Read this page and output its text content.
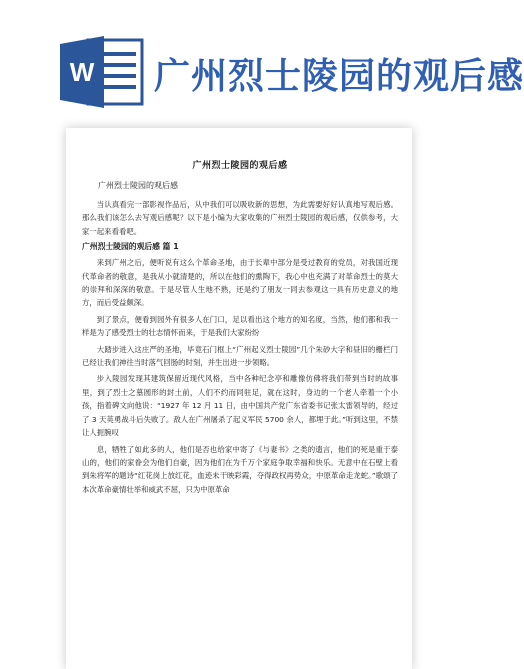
W 广州烈士陵园的观后感
广州烈士陵园的观后感
广州烈士陵园的观后感

当认真看完一部影视作品后，从中我们可以吸收新的思想，为此需要好好认真地写观后感。那么我们该怎么去写观后感呢？以下是小编为大家收集的广州烈士陵园的观后感，仅供参考，大家一起来看看吧。

广州烈士陵园的观后感 篇 1

来到广州之后，便听说有这么个革命圣地，由于长辈中部分是受过教育的党员，对我国近现代革命者的敬意，是我从小就清楚的，所以在他们的熏陶下，我心中也充满了对革命烈士的莫大的崇拜和深深的敬意。于是尽管人生地不熟，还是约了朋友一同去参观这一具有历史意义的地方，而后受益颇深。

到了景点，便看到园外有很多人在门口，足以看出这个地方的知名度，当然，他们都和我一样是为了感受烈士的壮志情怀而来，于是我们大家纷纷

大踏步进入这庄严的圣地，毕竟石门框上“广州起义烈士陵园”几个朱砂大字和昼旧的栅栏门已经让我们神往当时落气回肠的时刻，并生出进一步领略。

步入陵园发现其建筑保留近现代风格，当中各种纪念亭和雕像仿佛将我们带到当时的故事里，到了烈士之墓圆形的封土前，人们不约而同驻足，就在这时，身边的一个老人牵着一个小孩，指着碑文向他说：“1927 年 12 月 11 日，由中国共产党广东省委书记张太雷领导的，经过了 3 天英勇战斗后失败了。敌人在广州屠杀了起义军民 5700 余人，都埋于此。”听到这里，不禁让人扼腕叹

息，牺牲了如此多的人，他们是否也给家中寄了《与妻书》之类的遗言，他们的死是重于泰山的，他们的家眷会为他们自豪，因为他们在为千万个家庭争取幸福和快乐。无意中在石壁上看到朱将军的题诗“红花岗上放红花，血迹未干映彩霞，夺得政权再势众，中原革命走龙蛇。”歌颂了本次革命豪情壮举和威武不屈，只为中原革命
